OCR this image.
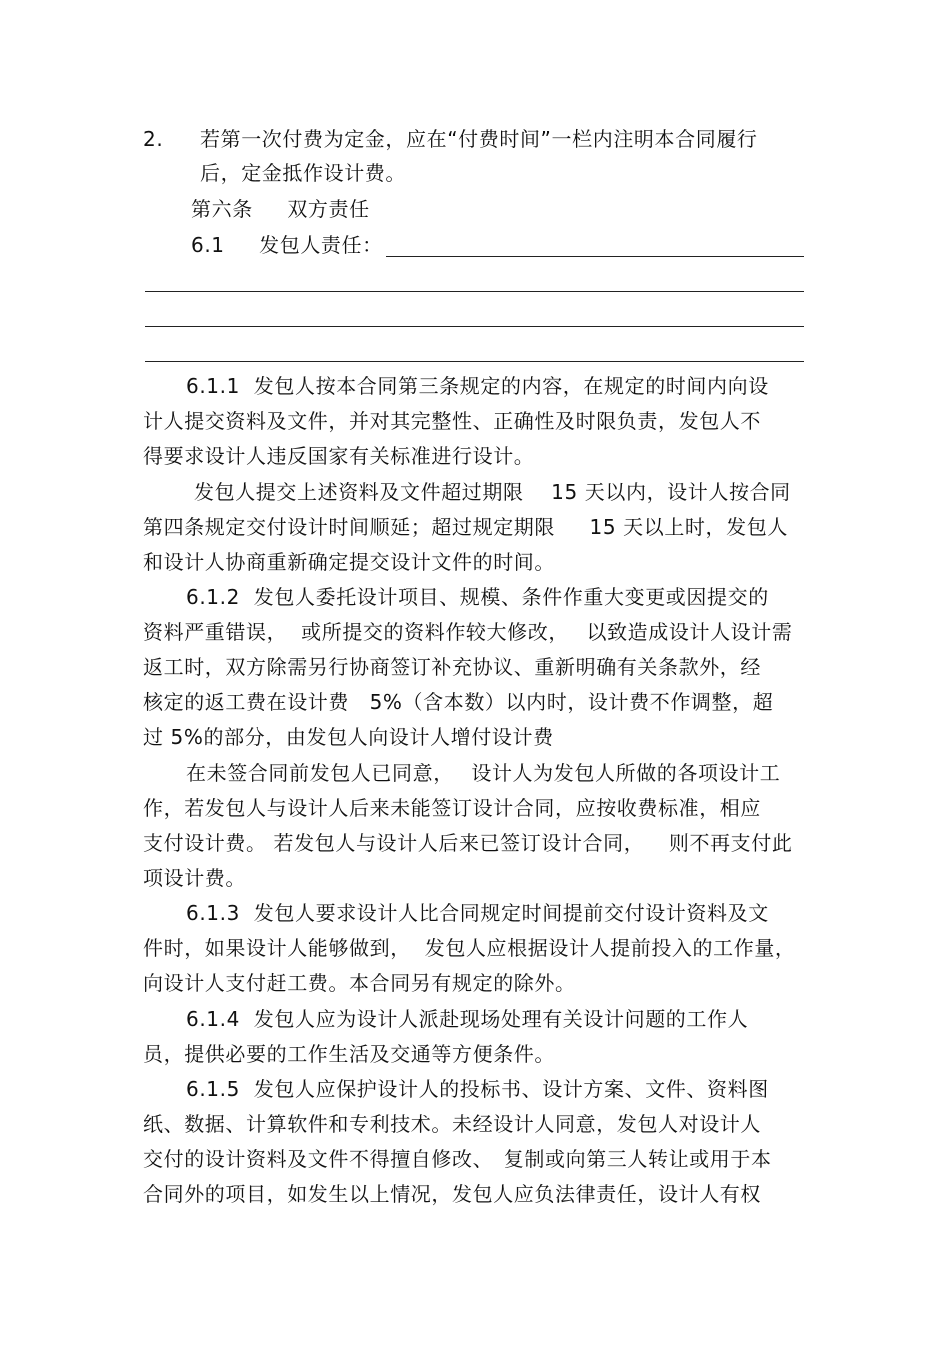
2. 若第一次付费为定金，应在“付费时间”一栏内注明本合同履行
后，定金抵作设计费。
第六条　  双方责任
6.1　  发包人责任：
6.1.1  发包人按本合同第三条规定的内容，在规定的时间内向设
计人提交资料及文件，并对其完整性、正确性及时限负责，发包人不
得要求设计人违反国家有关标准进行设计。
发包人提交上述资料及文件超过期限　 15 天以内，设计人按合同
第四条规定交付设计时间顺延；超过规定期限　  15 天以上时，发包人
和设计人协商重新确定提交设计文件的时间。
6.1.2  发包人委托设计项目、规模、条件作重大变更或因提交的
资料严重错误，  或所提交的资料作较大修改，　 以致造成设计人设计需
返工时，双方除需另行协商签订补充协议、重新明确有关条款外，经
核定的返工费在设计费　5%（含本数）以内时，设计费不作调整，超
过 5%的部分，由发包人向设计人增付设计费
在未签合同前发包人已同意，　 设计人为发包人所做的各项设计工
作，若发包人与设计人后来未能签订设计合同，应按收费标准，相应
支付设计费。 若发包人与设计人后来已签订设计合同，　  则不再支付此
项设计费。
6.1.3  发包人要求设计人比合同规定时间提前交付设计资料及文
件时，如果设计人能够做到，  发包人应根据设计人提前投入的工作量，
向设计人支付赶工费。本合同另有规定的除外。
6.1.4  发包人应为设计人派赴现场处理有关设计问题的工作人
员，提供必要的工作生活及交通等方便条件。
6.1.5  发包人应保护设计人的投标书、设计方案、文件、资料图
纸、数据、计算软件和专利技术。未经设计人同意，发包人对设计人
交付的设计资料及文件不得擅自修改、　复制或向第三人转让或用于本
合同外的项目，如发生以上情况，发包人应负法律责任，设计人有权
